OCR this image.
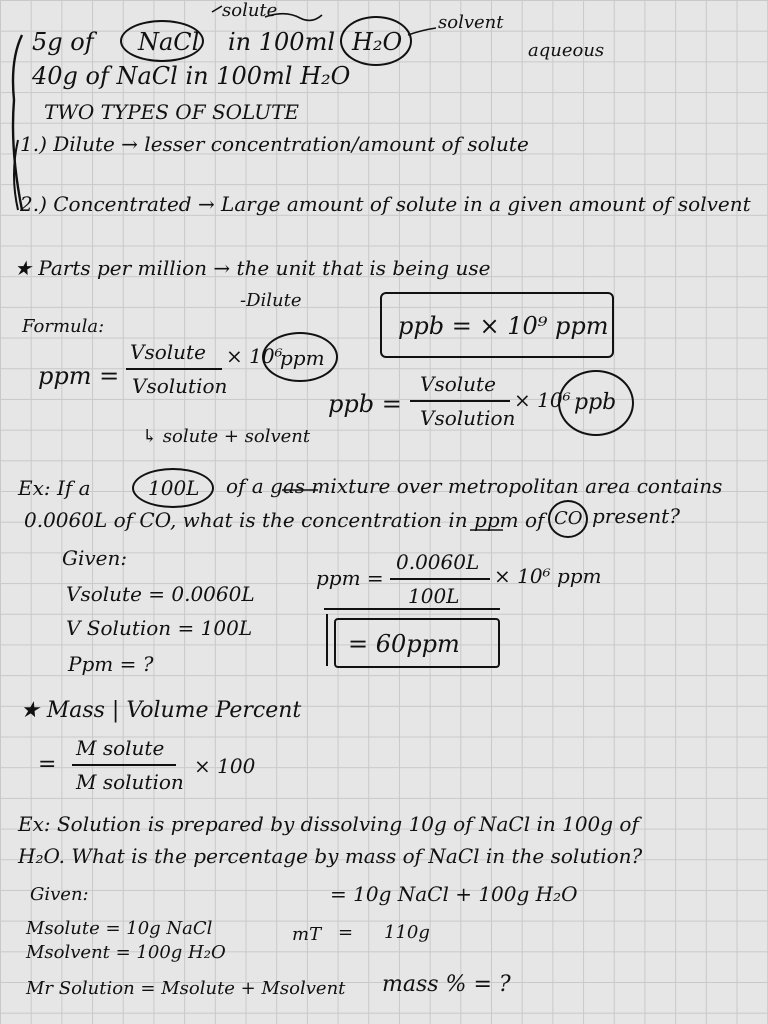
solute
solvent
aqueous
5g of NaCl in 100ml H₂O
40g of NaCl in 100ml H₂O
TWO TYPES OF SOLUTE
1.) Dilute → lesser concentration/amount of solute
2.) Concentrated → Large amount of solute in a given amount of solvent
★ Parts per million → the unit that is being use
-Dilute
Formula:	ppb = × 10⁹ ppm
ppm =
Vsolute
Vsolution
× 10⁶
ppm
ppb =
Vsolute
Vsolution
× 10⁶ ppb
↳ solute + solvent
Ex: If a	100L of a gas mixture over metropolitan area contains
0.0060L of CO, what is the concentration in ppm of CO present?
Given:
Vsolute = 0.0060L
V Solution = 100L
Ppm = ?
ppm =
0.0060L
100L
× 10⁶ ppm
= 60ppm
★ Mass | Volume Percent
=
M solute
M solution
× 100
Ex: Solution is prepared by dissolving 10g of NaCl in 100g of
H₂O. What is the percentage by mass of NaCl in the solution?
Given:	= 10g NaCl + 100g H₂O
Msolute = 10g NaCl
Msolvent = 100g H₂O
Mr Solution = Msolute + Msolvent
mT = 110g
mass % = ?
